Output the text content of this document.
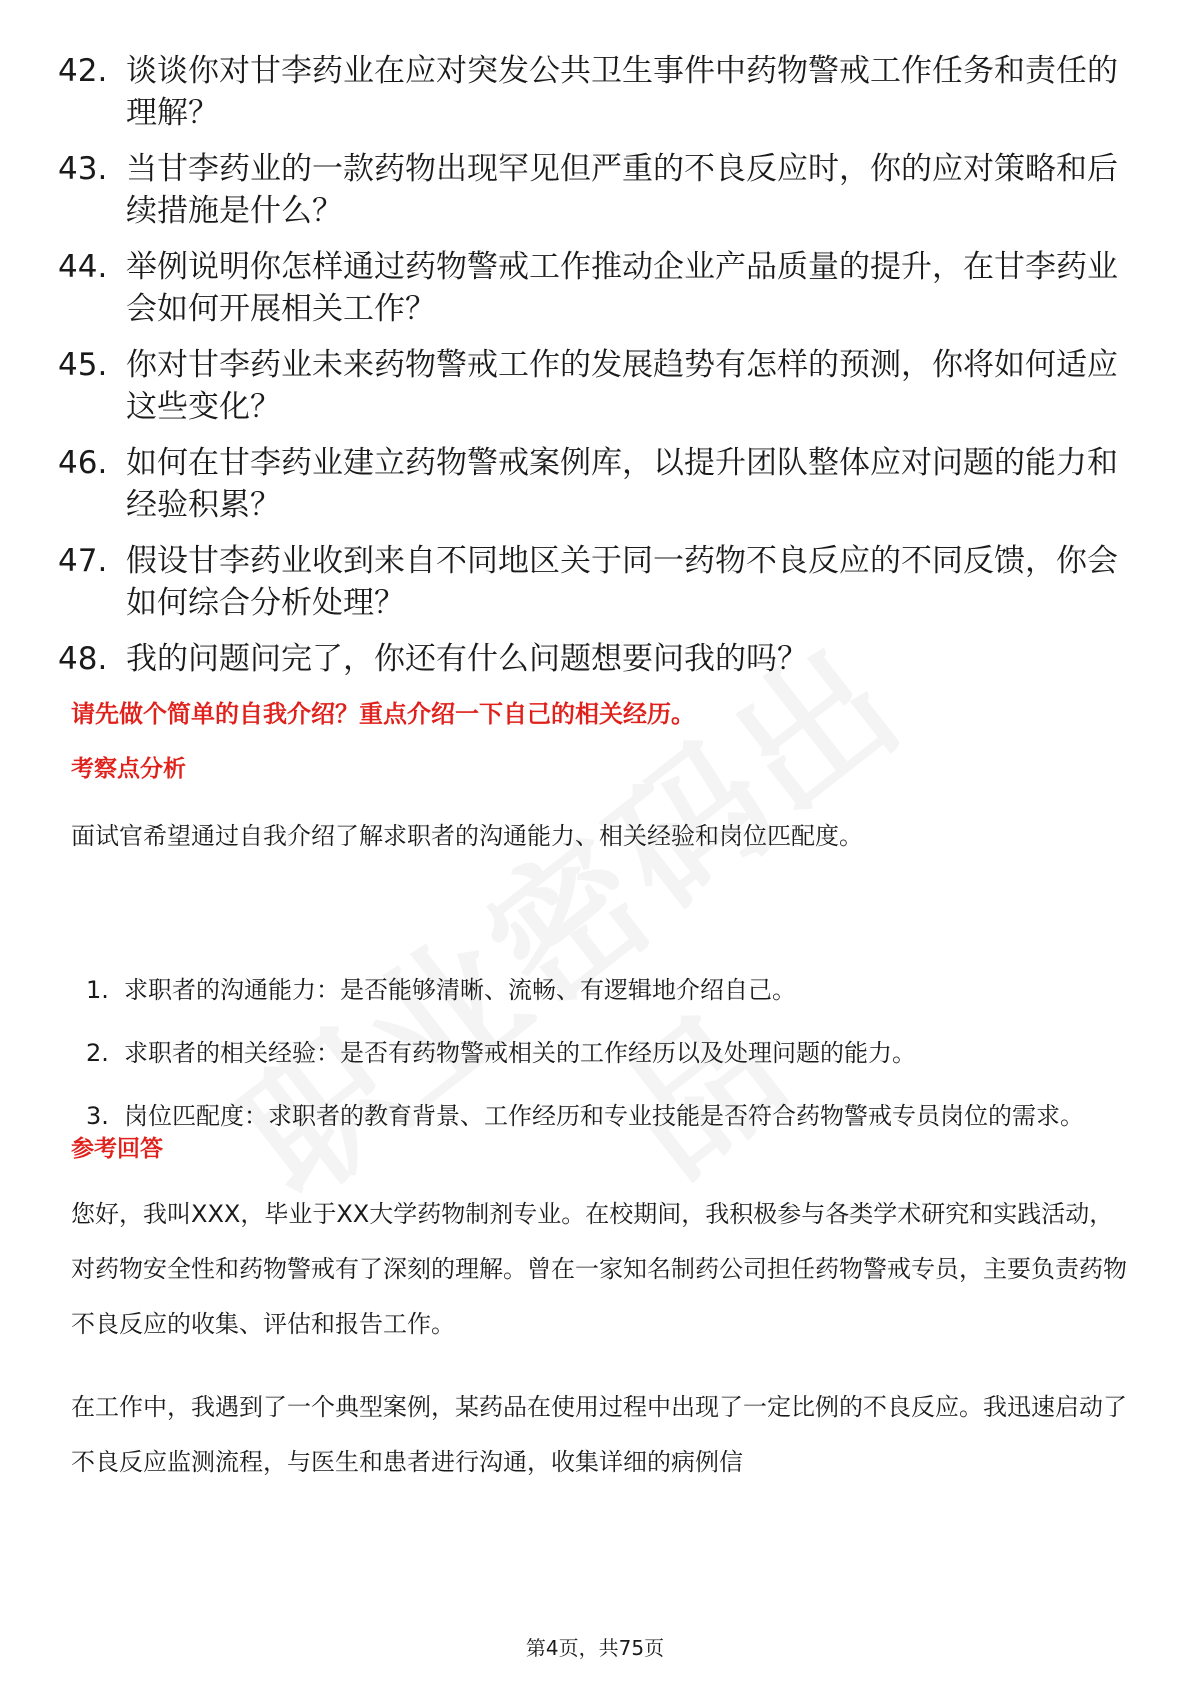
42. 谈谈你对甘李药业在应对突发公共卫生事件中药物警戒工作任务和责任的理解？
43. 当甘李药业的一款药物出现罕见但严重的不良反应时，你的应对策略和后续措施是什么？
44. 举例说明你怎样通过药物警戒工作推动企业产品质量的提升，在甘李药业会如何开展相关工作？
45. 你对甘李药业未来药物警戒工作的发展趋势有怎样的预测，你将如何适应这些变化？
46. 如何在甘李药业建立药物警戒案例库，以提升团队整体应对问题的能力和经验积累？
47. 假设甘李药业收到来自不同地区关于同一药物不良反应的不同反馈，你会如何综合分析处理？
48. 我的问题问完了，你还有什么问题想要问我的吗？
请先做个简单的自我介绍？重点介绍一下自己的相关经历。
考察点分析
面试官希望通过自我介绍了解求职者的沟通能力、相关经验和岗位匹配度。
1. 求职者的沟通能力：是否能够清晰、流畅、有逻辑地介绍自己。
2. 求职者的相关经验：是否有药物警戒相关的工作经历以及处理问题的能力。
3. 岗位匹配度：求职者的教育背景、工作经历和专业技能是否符合药物警戒专员岗位的需求。
参考回答
您好，我叫XXX，毕业于XX大学药物制剂专业。在校期间，我积极参与各类学术研究和实践活动，对药物安全性和药物警戒有了深刻的理解。曾在一家知名制药公司担任药物警戒专员，主要负责药物不良反应的收集、评估和报告工作。
在工作中，我遇到了一个典型案例，某药品在使用过程中出现了一定比例的不良反应。我迅速启动了不良反应监测流程，与医生和患者进行沟通，收集详细的病例信
第4页，共75页
